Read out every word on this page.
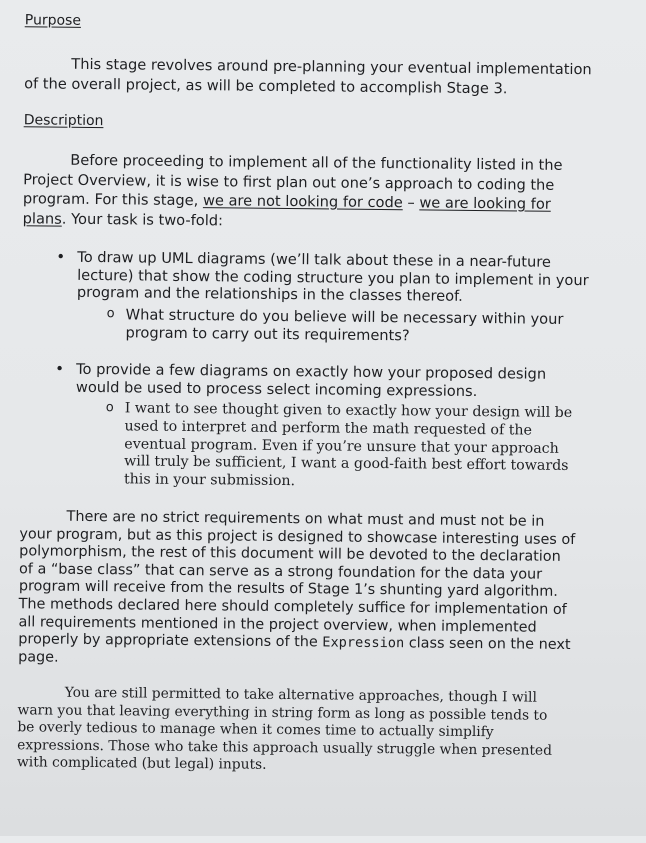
Purpose
This stage revolves around pre-planning your eventual implementation
of the overall project, as will be completed to accomplish Stage 3.
Description
Before proceeding to implement all of the functionality listed in the
Project Overview, it is wise to first plan out one’s approach to coding the
program. For this stage, we are not looking for code – we are looking for
plans. Your task is two-fold:
• To draw up UML diagrams (we’ll talk about these in a near-future
lecture) that show the coding structure you plan to implement in your
program and the relationships in the classes thereof.
o What structure do you believe will be necessary within your
program to carry out its requirements?
• To provide a few diagrams on exactly how your proposed design
would be used to process select incoming expressions.
o I want to see thought given to exactly how your design will be
used to interpret and perform the math requested of the
eventual program. Even if you’re unsure that your approach
will truly be sufficient, I want a good-faith best effort towards
this in your submission.
There are no strict requirements on what must and must not be in
your program, but as this project is designed to showcase interesting uses of
polymorphism, the rest of this document will be devoted to the declaration
of a “base class” that can serve as a strong foundation for the data your
program will receive from the results of Stage 1’s shunting yard algorithm.
The methods declared here should completely suffice for implementation of
all requirements mentioned in the project overview, when implemented
properly by appropriate extensions of the Expression class seen on the next
page.
You are still permitted to take alternative approaches, though I will
warn you that leaving everything in string form as long as possible tends to
be overly tedious to manage when it comes time to actually simplify
expressions. Those who take this approach usually struggle when presented
with complicated (but legal) inputs.
